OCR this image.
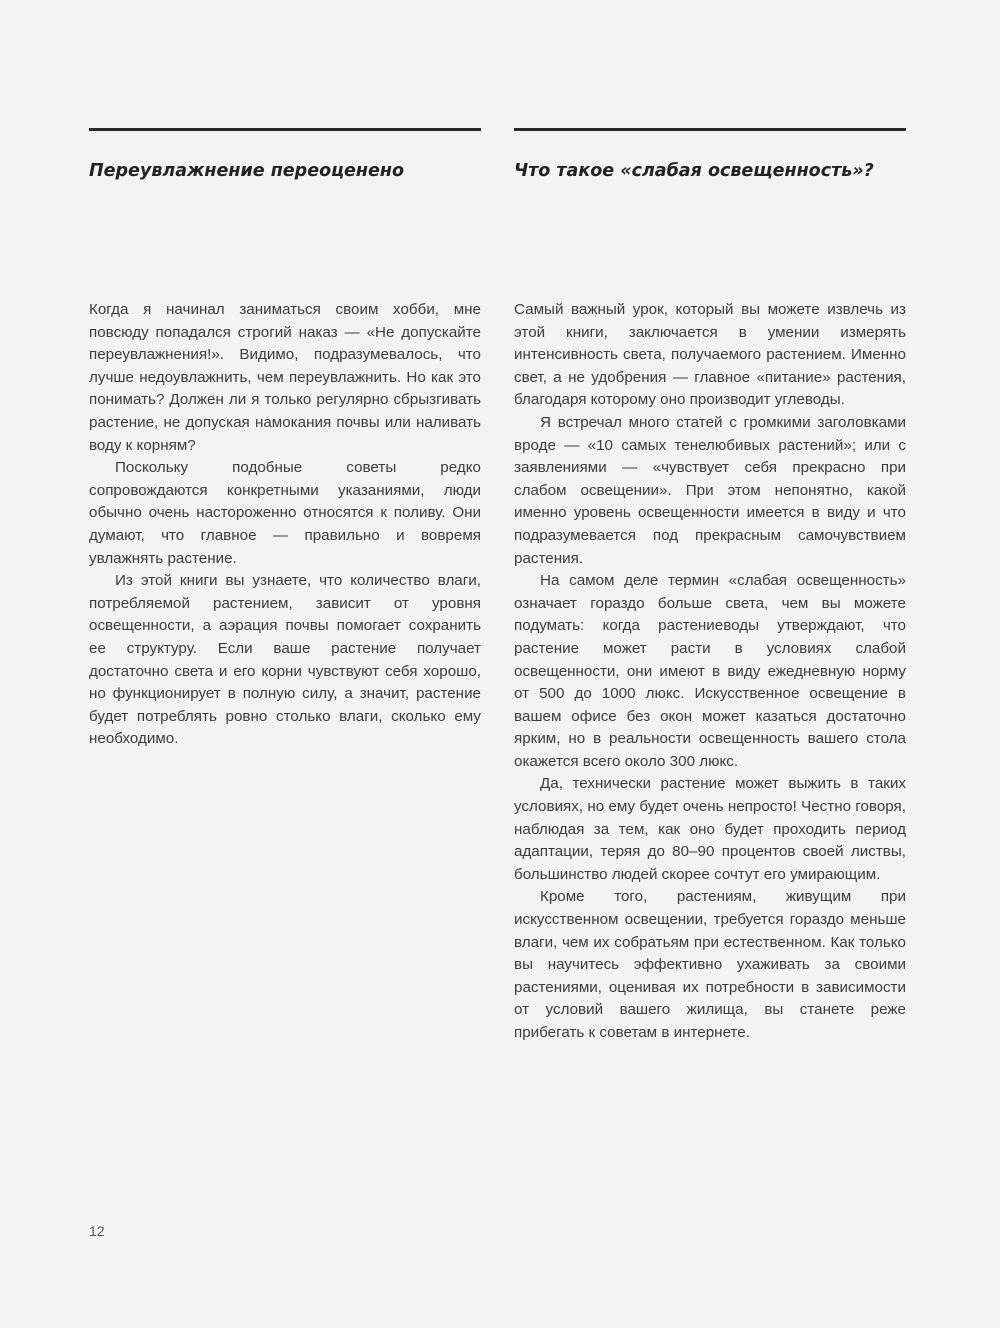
Переувлажнение переоценено

Когда я начинал заниматься своим хобби, мне повсюду попадался строгий наказ — «Не допускайте переувлажнения!». Видимо, подразумевалось, что лучше недоувлажнить, чем переувлажнить. Но как это понимать? Должен ли я только регулярно сбрызгивать растение, не допуская намокания почвы или наливать воду к корням?

Поскольку подобные советы редко сопровождаются конкретными указаниями, люди обычно очень настороженно относятся к поливу. Они думают, что главное — правильно и вовремя увлажнять растение.

Из этой книги вы узнаете, что количество влаги, потребляемой растением, зависит от уровня освещенности, а аэрация почвы помогает сохранить ее структуру. Если ваше растение получает достаточно света и его корни чувствуют себя хорошо, но функционирует в полную силу, а значит, растение будет потреблять ровно столько влаги, сколько ему необходимо.

Что такое «слабая освещенность»?

Самый важный урок, который вы можете извлечь из этой книги, заключается в умении измерять интенсивность света, получаемого растением. Именно свет, а не удобрения — главное «питание» растения, благодаря которому оно производит углеводы.

Я встречал много статей с громкими заголовками вроде — «10 самых тенелюбивых растений»; или с заявлениями — «чувствует себя прекрасно при слабом освещении». При этом непонятно, какой именно уровень освещенности имеется в виду и что подразумевается под прекрасным самочувствием растения.

На самом деле термин «слабая освещенность» означает гораздо больше света, чем вы можете подумать: когда растениеводы утверждают, что растение может расти в условиях слабой освещенности, они имеют в виду ежедневную норму от 500 до 1000 люкс. Искусственное освещение в вашем офисе без окон может казаться достаточно ярким, но в реальности освещенность вашего стола окажется всего около 300 люкс.

Да, технически растение может выжить в таких условиях, но ему будет очень непросто! Честно говоря, наблюдая за тем, как оно будет проходить период адаптации, теряя до 80–90 процентов своей листвы, большинство людей скорее сочтут его умирающим.

Кроме того, растениям, живущим при искусственном освещении, требуется гораздо меньше влаги, чем их собратьям при естественном. Как только вы научитесь эффективно ухаживать за своими растениями, оценивая их потребности в зависимости от условий вашего жилища, вы станете реже прибегать к советам в интернете.

12
